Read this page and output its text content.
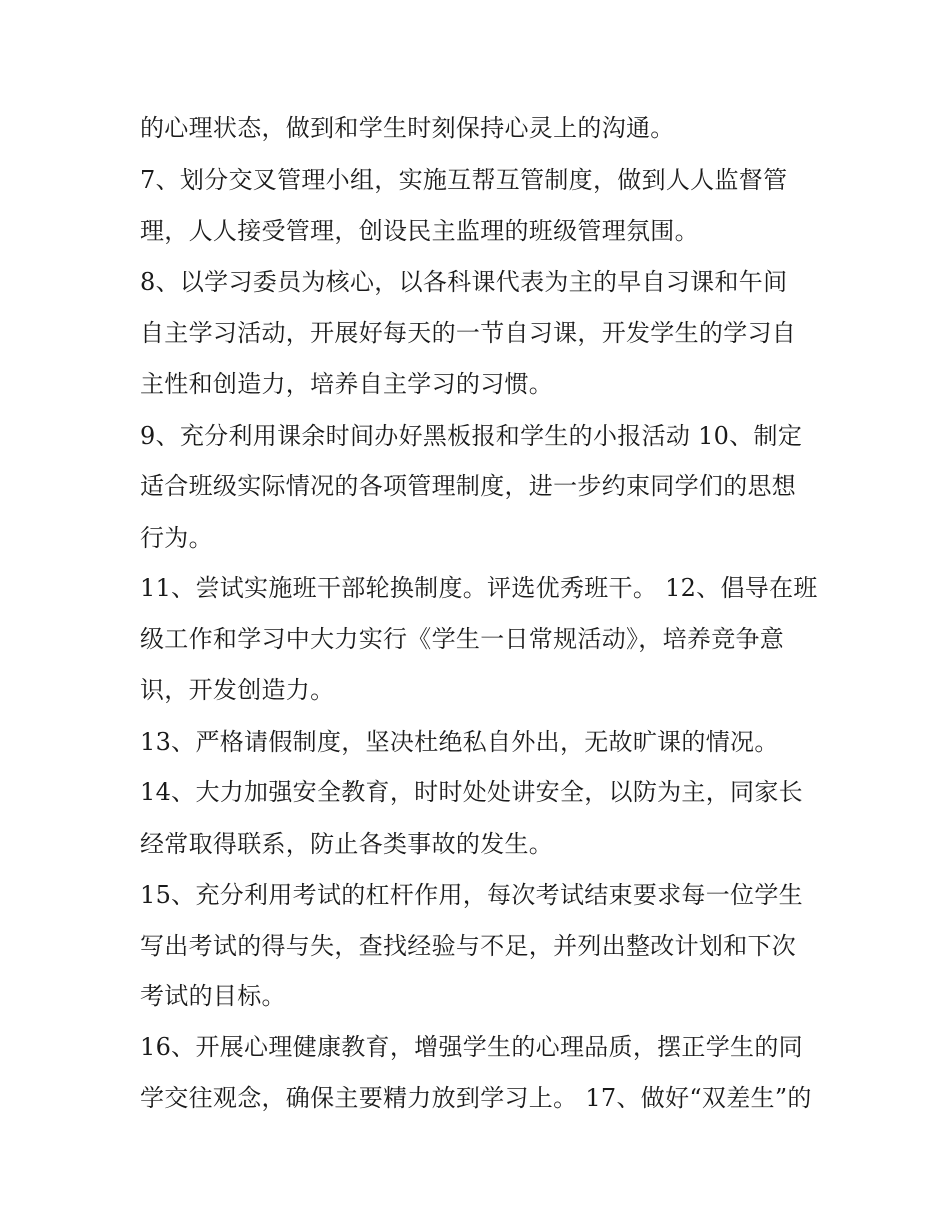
的心理状态，做到和学生时刻保持心灵上的沟通。
7、划分交叉管理小组，实施互帮互管制度，做到人人监督管
理，人人接受管理，创设民主监理的班级管理氛围。
8、以学习委员为核心，以各科课代表为主的早自习课和午间
自主学习活动，开展好每天的一节自习课，开发学生的学习自
主性和创造力，培养自主学习的习惯。
9、充分利用课余时间办好黑板报和学生的小报活动 10、制定
适合班级实际情况的各项管理制度，进一步约束同学们的思想
行为。
11、尝试实施班干部轮换制度。评选优秀班干。 12、倡导在班
级工作和学习中大力实行《学生一日常规活动》，培养竞争意
识，开发创造力。
13、严格请假制度，坚决杜绝私自外出，无故旷课的情况。
14、大力加强安全教育，时时处处讲安全，以防为主，同家长
经常取得联系，防止各类事故的发生。
15、充分利用考试的杠杆作用，每次考试结束要求每一位学生
写出考试的得与失，查找经验与不足，并列出整改计划和下次
考试的目标。
16、开展心理健康教育，增强学生的心理品质，摆正学生的同
学交往观念，确保主要精力放到学习上。 17、做好“双差生”的
